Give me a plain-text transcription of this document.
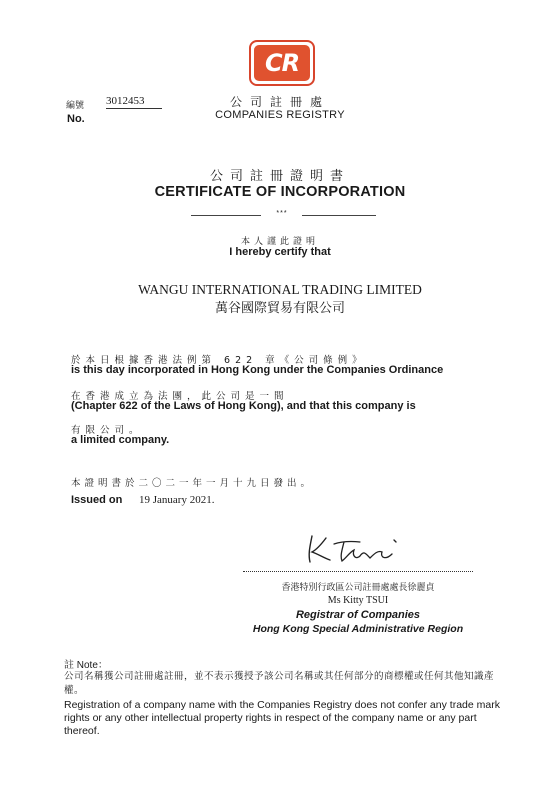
CR
公司註冊處
COMPANIES REGISTRY
編號
No.
3012453
公司註冊證明書
CERTIFICATE OF INCORPORATION
***
本人謹此證明
I hereby certify that
WANGU INTERNATIONAL TRADING LIMITED
萬谷國際貿易有限公司
於本日根據香港法例第 622 章《公司條例》
is this day incorporated in Hong Kong under the Companies Ordinance
在香港成立為法團，此公司是一間
(Chapter 622 of the Laws of Hong Kong), and that this company is
有限公司。
a limited company.
本證明書於二〇二一年一月十九日發出。
Issued on 19 January 2021.
香港特別行政區公司註冊處處長徐麗貞
Ms Kitty TSUI
Registrar of Companies
Hong Kong Special Administrative Region
註 Note：
公司名稱獲公司註冊處註冊，並不表示獲授予該公司名稱或其任何部分的商標權或任何其他知識產權。
Registration of a company name with the Companies Registry does not confer any trade mark rights or any other intellectual property rights in respect of the company name or any part thereof.
